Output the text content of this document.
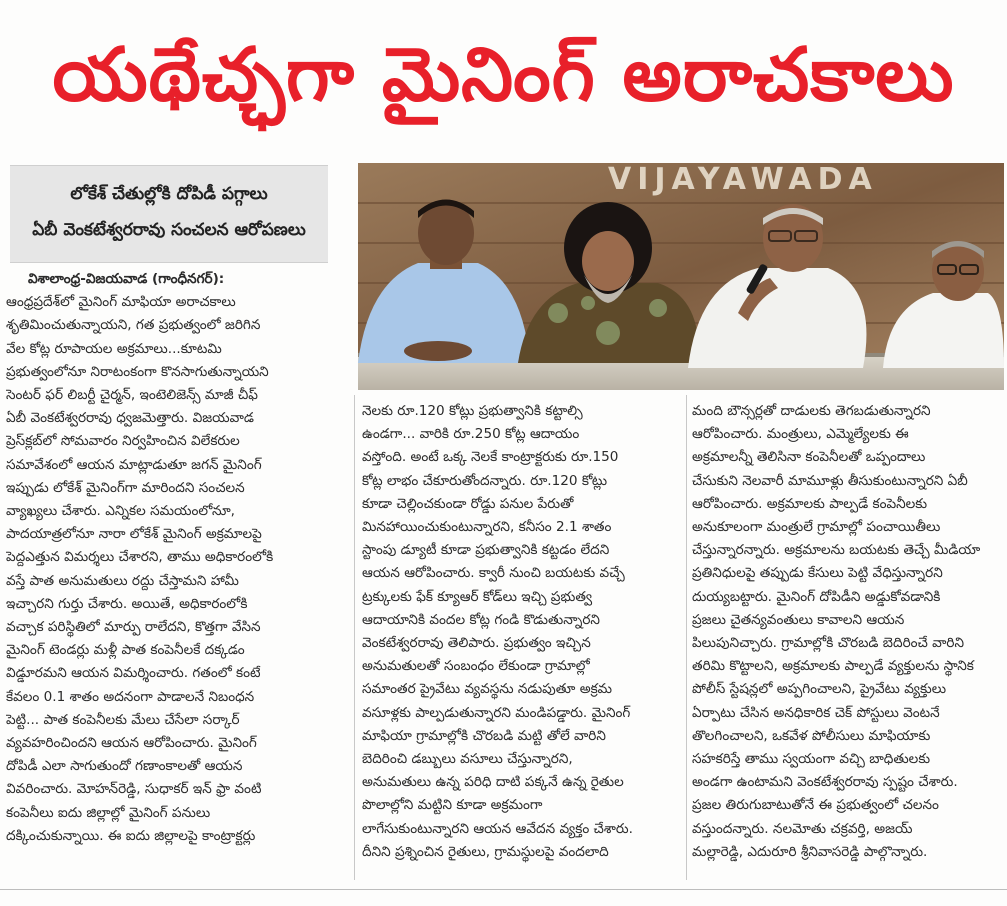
యథేచ్ఛగా మైనింగ్ అరాచకాలు
లోకేశ్ చేతుల్లోకి దోపిడీ పగ్గాలు
ఏబీ వెంకటేశ్వరరావు సంచలన ఆరోపణలు
VIJAYAWADA

విశాలాంధ్ర-విజయవాడ (గాంధీనగర్):

ఆంధ్రప్రదేశ్‌లో మైనింగ్ మాఫియా అరాచకాలు

శృతిమించుతున్నాయని, గత ప్రభుత్వంలో జరిగిన

వేల కోట్ల రూపాయల అక్రమాలు...కూటమి

ప్రభుత్వంలోనూ నిరాటంకంగా కొనసాగుతున్నాయని

సెంటర్ ఫర్ లిబర్టీ చైర్మన్, ఇంటెలిజెన్స్ మాజీ చీఫ్

ఏబీ వెంకటేశ్వరరావు ధ్వజమెత్తారు. విజయవాడ

ప్రెస్‌క్లబ్‌లో సోమవారం నిర్వహించిన విలేకరుల

సమావేశంలో ఆయన మాట్లాడుతూ జగన్ మైనింగ్

ఇప్పుడు లోకేశ్ మైనింగ్‌గా మారిందని సంచలన

వ్యాఖ్యలు చేశారు. ఎన్నికల సమయంలోనూ,

పాదయాత్రలోనూ నారా లోకేశ్ మైనింగ్ అక్రమాలపై

పెద్దఎత్తున విమర్శలు చేశారని, తాము అధికారంలోకి

వస్తే పాత అనుమతులు రద్దు చేస్తామని హామీ

ఇచ్చారని గుర్తు చేశారు. అయితే, అధికారంలోకి

వచ్చాక పరిస్థితిలో మార్పు రాలేదని, కొత్తగా వేసిన

మైనింగ్ టెండర్లు మళ్లీ పాత కంపెనీలకే దక్కడం

విడ్డూరమని ఆయన విమర్శించారు. గతంలో కంటే

కేవలం 0.1 శాతం అదనంగా పాడాలనే నిబంధన

పెట్టి... పాత కంపెనీలకు మేలు చేసేలా సర్కార్

వ్యవహరించిందని ఆయన ఆరోపించారు. మైనింగ్

దోపిడీ ఎలా సాగుతుందో గణాంకాలతో ఆయన

వివరించారు. మోహన్‌రెడ్డి, సుధాకర్ ఇన్ ఫ్రా వంటి

కంపెనీలు ఐదు జిల్లాల్లో మైనింగ్ పనులు

దక్కించుకున్నాయి. ఈ ఐదు జిల్లాలపై కాంట్రాక్టర్లు

నెలకు రూ.120 కోట్లు ప్రభుత్వానికి కట్టాల్సి

ఉండగా... వారికి రూ.250 కోట్ల ఆదాయం

వస్తోంది. అంటే ఒక్క నెలకే కాంట్రాక్టరుకు రూ.150

కోట్ల లాభం చేకూరుతోందన్నారు. రూ.120 కోట్లు

కూడా చెల్లించకుండా రోడ్డు పనుల పేరుతో

మినహాయించుకుంటున్నారని, కనీసం 2.1 శాతం

స్టాంపు డ్యూటీ కూడా ప్రభుత్వానికి కట్టడం లేదని

ఆయన ఆరోపించారు. క్వారీ నుంచి బయటకు వచ్చే

ట్రక్కులకు ఫేక్ క్యూఆర్ కోడ్‌లు ఇచ్చి ప్రభుత్వ

ఆదాయానికి వందల కోట్ల గండి కొడుతున్నారని

వెంకటేశ్వరరావు తెలిపారు. ప్రభుత్వం ఇచ్చిన

అనుమతులతో సంబంధం లేకుండా గ్రామాల్లో

సమాంతర ప్రైవేటు వ్యవస్థను నడుపుతూ అక్రమ

వసూళ్లకు పాల్పడుతున్నారని మండిపడ్డారు. మైనింగ్

మాఫియా గ్రామాల్లోకి చొరబడి మట్టి తోలే వారిని

బెదిరించి డబ్బులు వసూలు చేస్తున్నారని,

అనుమతులు ఉన్న పరిధి దాటి పక్కనే ఉన్న రైతుల

పొలాల్లోని మట్టిని కూడా అక్రమంగా

లాగేసుకుంటున్నారని ఆయన ఆవేదన వ్యక్తం చేశారు.

దీనిని ప్రశ్నించిన రైతులు, గ్రామస్థులపై వందలాది

మంది బౌన్సర్లతో దాడులకు తెగబడుతున్నారని

ఆరోపించారు. మంత్రులు, ఎమ్మెల్యేలకు ఈ

అక్రమాలన్నీ తెలిసినా కంపెనీలతో ఒప్పందాలు

చేసుకుని నెలవారీ మామూళ్లు తీసుకుంటున్నారని ఏబీ

ఆరోపించారు. అక్రమాలకు పాల్పడే కంపెనీలకు

అనుకూలంగా మంత్రులే గ్రామాల్లో పంచాయితీలు

చేస్తున్నారన్నారు. అక్రమాలను బయటకు తెచ్చే మీడియా

ప్రతినిధులపై తప్పుడు కేసులు పెట్టి వేధిస్తున్నారని

దుయ్యబట్టారు. మైనింగ్ దోపిడీని అడ్డుకోవడానికి

ప్రజలు చైతన్యవంతులు కావాలని ఆయన

పిలుపునిచ్చారు. గ్రామాల్లోకి చొరబడి బెదిరించే వారిని

తరిమి కొట్టాలని, అక్రమాలకు పాల్పడే వ్యక్తులను స్థానిక

పోలీస్ స్టేషన్లలో అప్పగించాలని, ప్రైవేటు వ్యక్తులు

ఏర్పాటు చేసిన అనధికారిక చెక్ పోస్టులు వెంటనే

తొలగించాలని, ఒకవేళ పోలీసులు మాఫియాకు

సహకరిస్తే తాము స్వయంగా వచ్చి బాధితులకు

అండగా ఉంటామని వెంకటేశ్వరరావు స్పష్టం చేశారు.

ప్రజల తిరుగుబాటుతోనే ఈ ప్రభుత్వంలో చలనం

వస్తుందన్నారు. నలమోతు చక్రవర్తి, అజయ్

మల్లారెడ్డి, ఎదురూరి శ్రీనివాసరెడ్డి పాల్గొన్నారు.
